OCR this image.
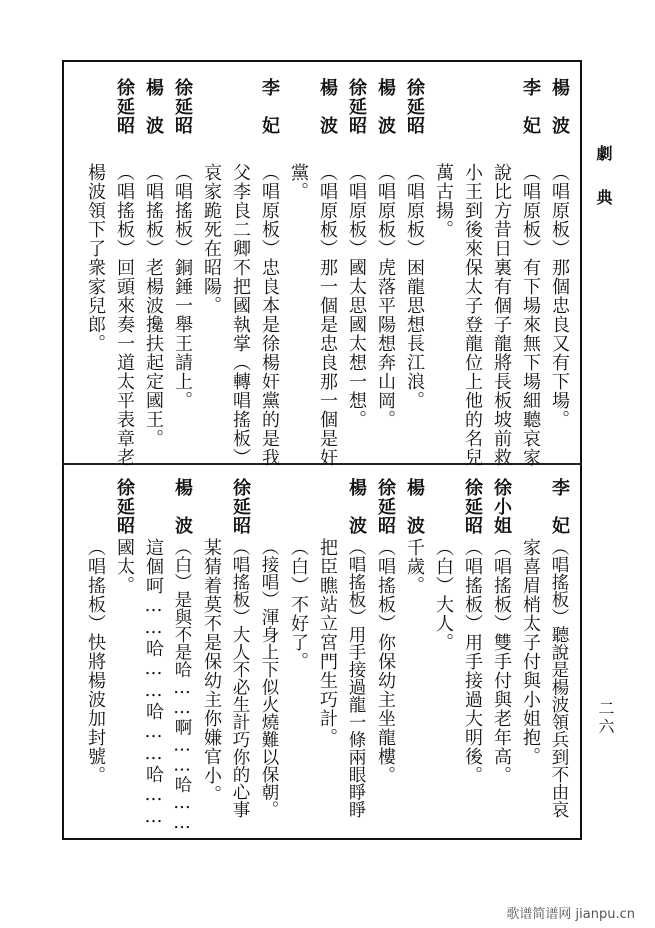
劇典
二六
楊　波
（唱原板）那個忠良又有下場。
李　妃
（唱原板）有下場來無下場細聽哀家
說比方昔日裏有個子龍將長板坡前救
小王到後來保太子登龍位上他的名兒
萬古揚。
徐延昭
（唱原板）困龍思想長江浪。
楊　波
（唱原板）虎落平陽想奔山岡。
徐延昭
（唱原板）國太思國太想一想。
楊　波
（唱原板）那一個是忠良那一個是奸
黨。
李　妃
（唱原板）忠良本是徐楊奸黨的是我
父李良二卿不把國執掌（轉唱搖板）
哀家跪死在昭陽。
徐延昭
（唱搖板）銅錘一舉王請上。
楊　波
（唱搖板）老楊波攙扶起定國王。
徐延昭
（唱搖板）回頭來奏一道太平表章老
楊波領下了衆家兒郎。
李　妃
（唱搖板）聽說是楊波領兵到不由哀
家喜眉梢太子付與小姐抱。
徐小姐
（唱搖板）雙手付與老年高。
徐延昭
（唱搖板）用手接過大明後。
（白）大人。
楊　波
千歲。
徐延昭
（唱搖板）你保幼主坐龍樓。
楊　波
（唱搖板）用手接過龍一條兩眼睜睜
把臣瞧站立宮門生巧計。
（白）不好了。
（接唱）渾身上下似火燒難以保朝。
徐延昭
（唱搖板）大人不必生計巧你的心事
某猜着莫不是保幼主你嫌官小。
楊　波
（白）是與不是哈……啊……哈……
這個呵……哈……哈……哈……
徐延昭
國太。
（唱搖板）快將楊波加封號。
歌谱简谱网 jianpu.cn
